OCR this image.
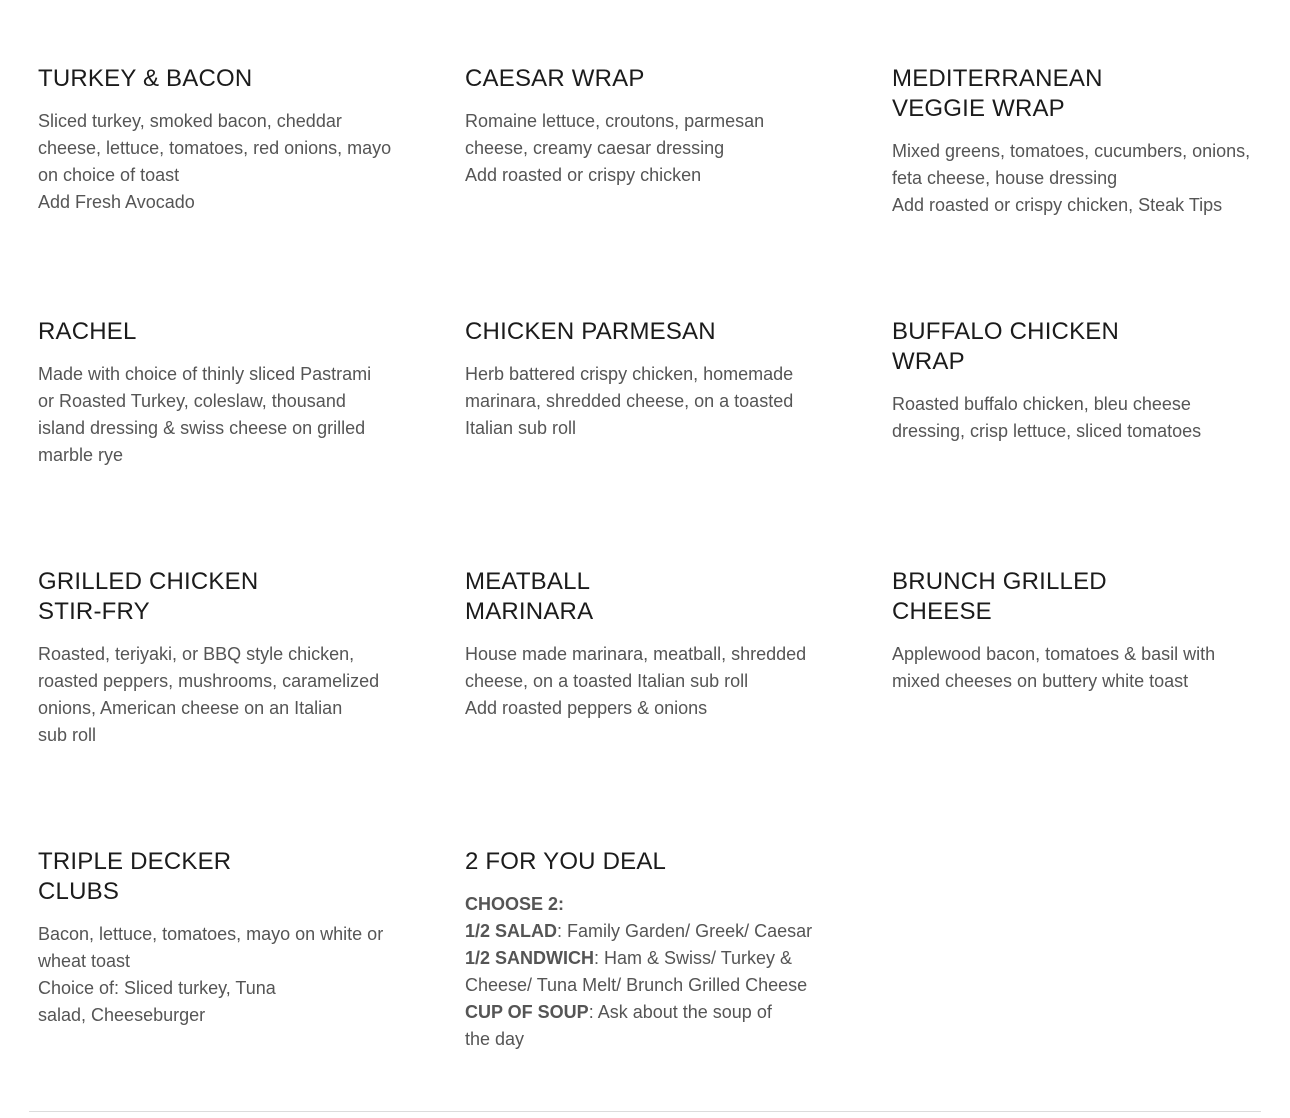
TURKEY & BACON
Sliced turkey, smoked bacon, cheddar
cheese, lettuce, tomatoes, red onions, mayo
on choice of toast
Add Fresh Avocado
CAESAR WRAP
Romaine lettuce, croutons, parmesan
cheese, creamy caesar dressing
Add roasted or crispy chicken
MEDITERRANEAN
VEGGIE WRAP
Mixed greens, tomatoes, cucumbers, onions,
feta cheese, house dressing
Add roasted or crispy chicken, Steak Tips
RACHEL
Made with choice of thinly sliced Pastrami
or Roasted Turkey, coleslaw, thousand
island dressing & swiss cheese on grilled
marble rye
CHICKEN PARMESAN
Herb battered crispy chicken, homemade
marinara, shredded cheese, on a toasted
Italian sub roll
BUFFALO CHICKEN
WRAP
Roasted buffalo chicken, bleu cheese
dressing, crisp lettuce, sliced tomatoes
GRILLED CHICKEN
STIR-FRY
Roasted, teriyaki, or BBQ style chicken,
roasted peppers, mushrooms, caramelized
onions, American cheese on an Italian
sub roll
MEATBALL
MARINARA
House made marinara, meatball, shredded
cheese, on a toasted Italian sub roll
Add roasted peppers & onions
BRUNCH GRILLED
CHEESE
Applewood bacon, tomatoes & basil with
mixed cheeses on buttery white toast
TRIPLE DECKER
CLUBS
Bacon, lettuce, tomatoes, mayo on white or
wheat toast
Choice of: Sliced turkey, Tuna
salad, Cheeseburger
2 FOR YOU DEAL
CHOOSE 2:
1/2 SALAD: Family Garden/ Greek/ Caesar
1/2 SANDWICH: Ham & Swiss/ Turkey &
Cheese/ Tuna Melt/ Brunch Grilled Cheese
CUP OF SOUP: Ask about the soup of
the day
